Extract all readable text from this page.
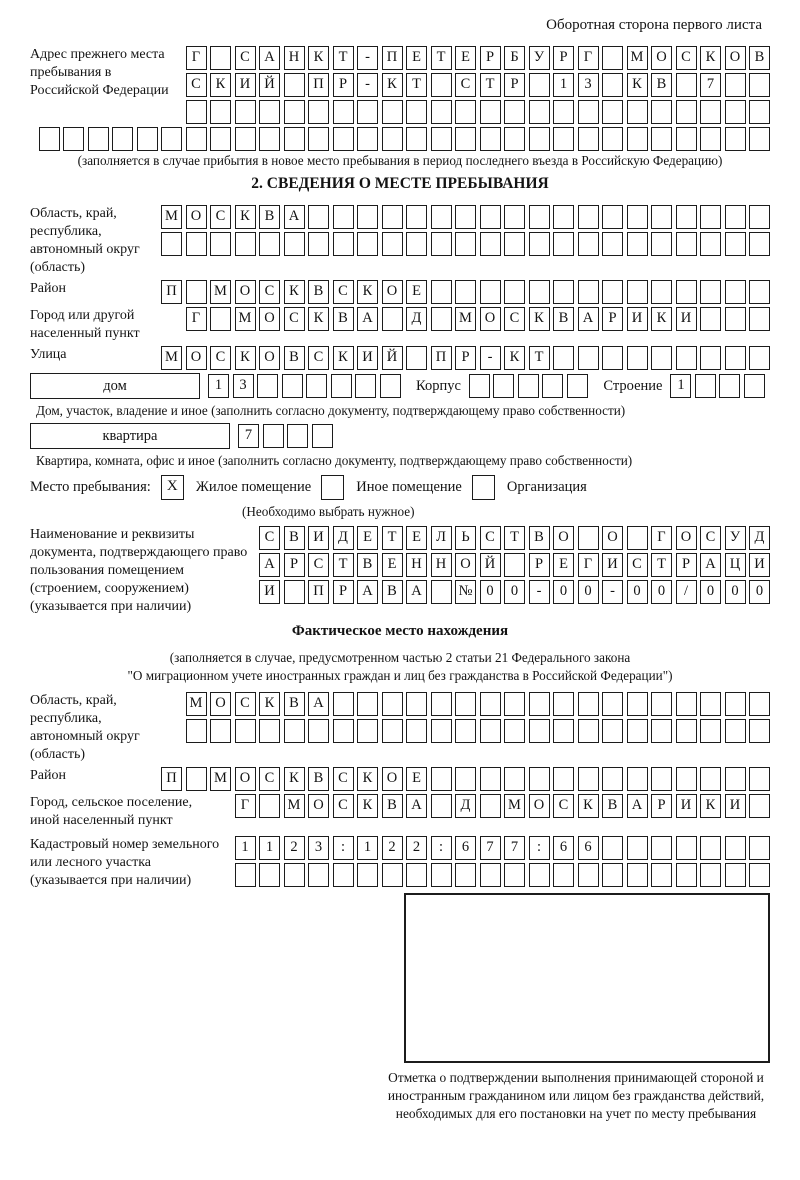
Оборотная сторона первого листа
Адрес прежнего места пребывания в Российской Федерации
Г	С А Н К	Т	-	П	Е	Т	Е	Р	Б	У	Р	Г	М О С	К О В
С	К И Й	П	Р	-	К	Т	С	Т	Р	1	3	К	В	7
(заполняется в случае прибытия в новое место пребывания в период последнего въезда в Российскую Федерацию)
2. СВЕДЕНИЯ О МЕСТЕ ПРЕБЫВАНИЯ
Область, край, республика, автономный округ (область)
М О С	К	В А
Район	П	М О С	К	В	С	К О	Е
Город или другой населенный пункт
Г	М О С	К	В А	Д	М О С	К	В А	Р	И К И
Улица	М О С	К О В	С	К И Й	П	Р	-	К	Т
дом	1	3	Корпус	Строение	1
Дом, участок, владение и иное (заполнить согласно документу, подтверждающему право собственности)
квартира	7
Квартира, комната, офис и иное (заполнить согласно документу, подтверждающему право собственности)
Место пребывания:	X	Жилое помещение	Иное помещение	Организация
(Необходимо выбрать нужное)
Наименование и реквизиты документа, подтверждающего право пользования помещением (строением, сооружением) (указывается при наличии)
С	В И Д	Е	Т	Е	Л	Ь	С	Т	В О	О	Г	О С	У Д
А	Р	С	Т	В	Е	Н Н О Й	Р	Е	Г	И С	Т	Р	А Ц И
И	П	Р	А В А	№ 0	0	-	0	0	-	0	0	/	0	0	0
Фактическое место нахождения
(заполняется в случае, предусмотренном частью 2 статьи 21 Федерального закона
"О миграционном учете иностранных граждан и лиц без гражданства в Российской Федерации")
Область, край, республика, автономный округ (область)
М О С	К	В А
Район	П	М О С	К	В	С	К О	Е
Город, сельское поселение, иной населенный пункт
Г	М О С	К	В А	Д	М О С	К	В А	Р	И К И
Кадастровый номер земельного или лесного участка (указывается при наличии)
1	1	2	3	:	1	2	2	:	6	7	7	:	6	6
Отметка о подтверждении выполнения принимающей стороной и иностранным гражданином или лицом без гражданства действий, необходимых для его постановки на учет по месту пребывания
